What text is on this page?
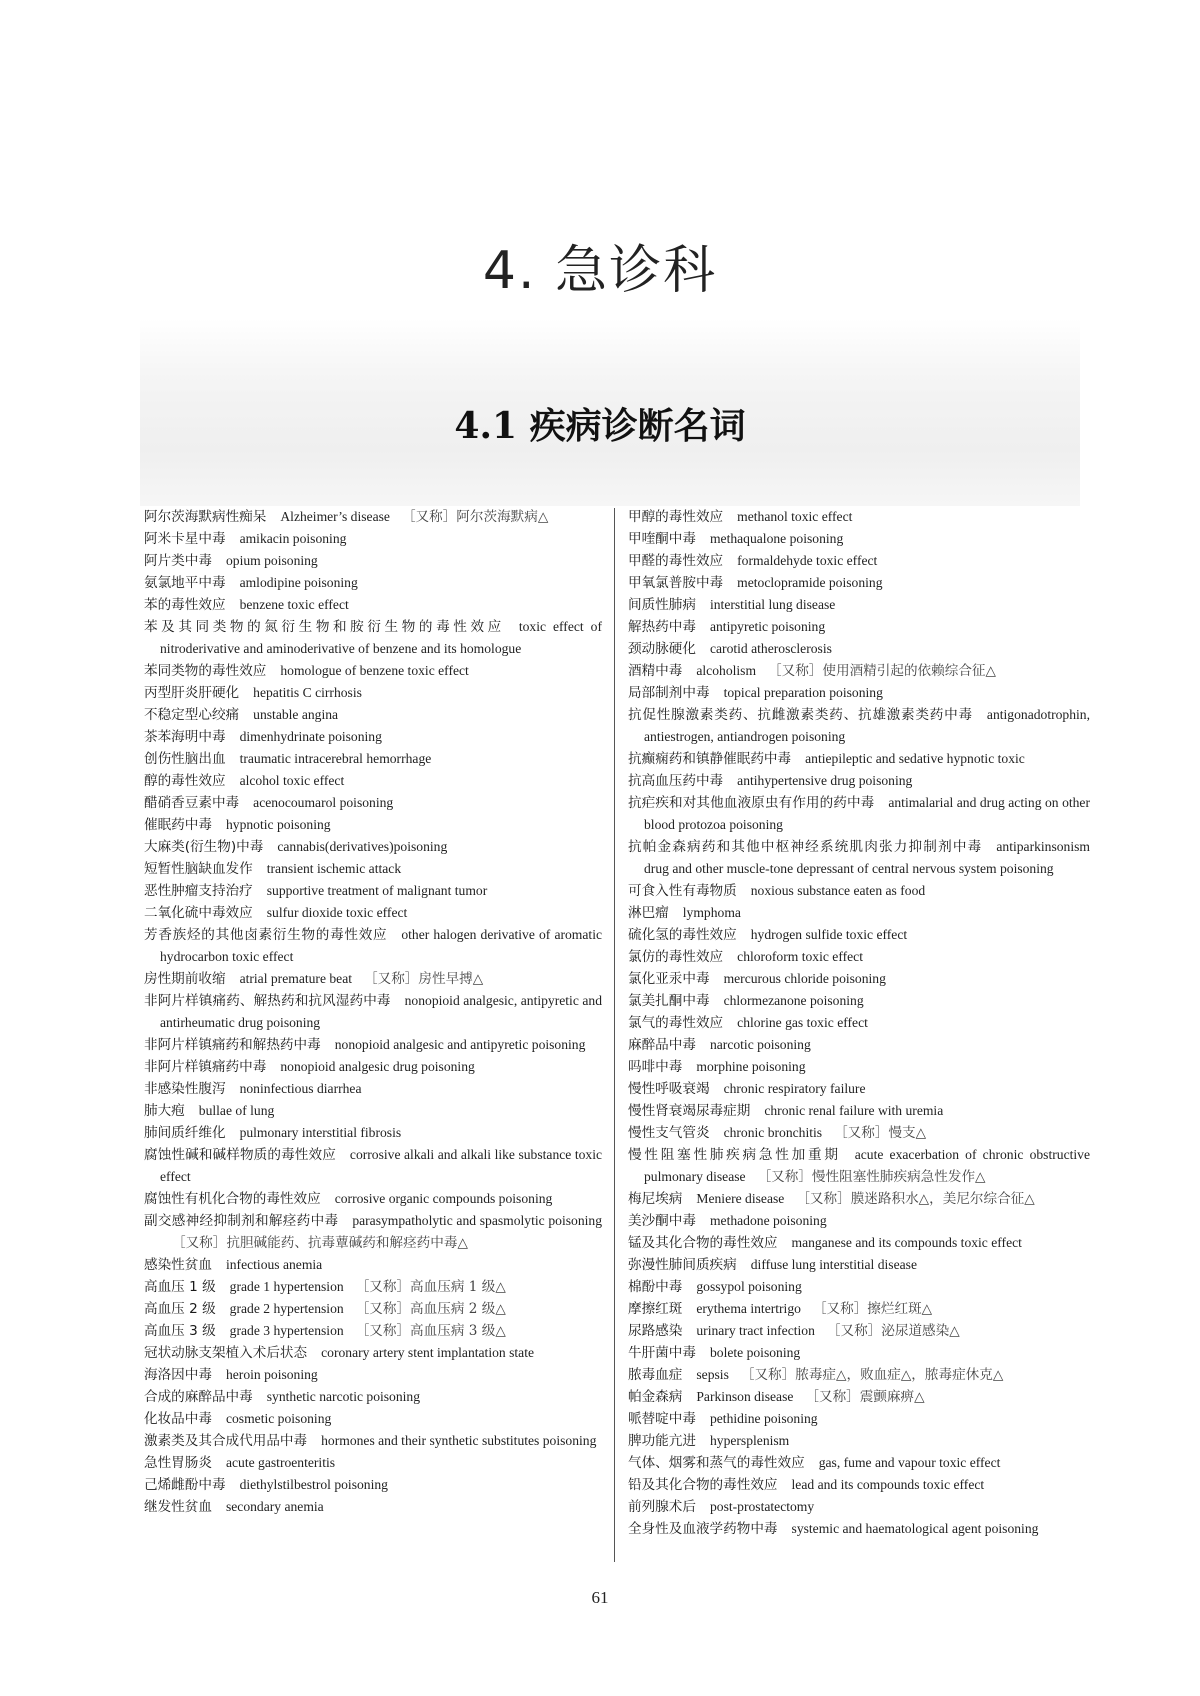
4. 急诊科
4.1 疾病诊断名词
阿尔茨海默病性痴呆 Alzheimer’s disease ［又称］阿尔茨海默病△
阿米卡星中毒 amikacin poisoning
阿片类中毒 opium poisoning
氨氯地平中毒 amlodipine poisoning
苯的毒性效应 benzene toxic effect
苯及其同类物的氮衍生物和胺衍生物的毒性效应 toxic effect of nitroderivative and aminoderivative of benzene and its homologue
苯同类物的毒性效应 homologue of benzene toxic effect
丙型肝炎肝硬化 hepatitis C cirrhosis
不稳定型心绞痛 unstable angina
茶苯海明中毒 dimenhydrinate poisoning
创伤性脑出血 traumatic intracerebral hemorrhage
醇的毒性效应 alcohol toxic effect
醋硝香豆素中毒 acenocoumarol poisoning
催眠药中毒 hypnotic poisoning
大麻类(衍生物)中毒 cannabis(derivatives)poisoning
短暂性脑缺血发作 transient ischemic attack
恶性肿瘤支持治疗 supportive treatment of malignant tumor
二氧化硫中毒效应 sulfur dioxide toxic effect
芳香族烃的其他卤素衍生物的毒性效应 other halogen derivative of aromatic hydrocarbon toxic effect
房性期前收缩 atrial premature beat ［又称］房性早搏△
非阿片样镇痛药、解热药和抗风湿药中毒 nonopioid analgesic, antipyretic and antirheumatic drug poisoning
非阿片样镇痛药和解热药中毒 nonopioid analgesic and antipyretic poisoning
非阿片样镇痛药中毒 nonopioid analgesic drug poisoning
非感染性腹泻 noninfectious diarrhea
肺大疱 bullae of lung
肺间质纤维化 pulmonary interstitial fibrosis
腐蚀性碱和碱样物质的毒性效应 corrosive alkali and alkali like substance toxic effect
腐蚀性有机化合物的毒性效应 corrosive organic compounds poisoning
副交感神经抑制剂和解痉药中毒 parasympatholytic and spasmolytic poisoning［又称］抗胆碱能药、抗毒蕈碱药和解痉药中毒△
感染性贫血 infectious anemia
高血压 1 级 grade 1 hypertension ［又称］高血压病 1 级△
高血压 2 级 grade 2 hypertension ［又称］高血压病 2 级△
高血压 3 级 grade 3 hypertension ［又称］高血压病 3 级△
冠状动脉支架植入术后状态 coronary artery stent implantation state
海洛因中毒 heroin poisoning
合成的麻醉品中毒 synthetic narcotic poisoning
化妆品中毒 cosmetic poisoning
激素类及其合成代用品中毒 hormones and their synthetic substitutes poisoning
急性胃肠炎 acute gastroenteritis
己烯雌酚中毒 diethylstilbestrol poisoning
继发性贫血 secondary anemia
甲醇的毒性效应 methanol toxic effect
甲喹酮中毒 methaqualone poisoning
甲醛的毒性效应 formaldehyde toxic effect
甲氧氯普胺中毒 metoclopramide poisoning
间质性肺病 interstitial lung disease
解热药中毒 antipyretic poisoning
颈动脉硬化 carotid atherosclerosis
酒精中毒 alcoholism ［又称］使用酒精引起的依赖综合征△
局部制剂中毒 topical preparation poisoning
抗促性腺激素类药、抗雌激素类药、抗雄激素类药中毒 antigonadotrophin, antiestrogen, antiandrogen poisoning
抗癫痫药和镇静催眠药中毒 antiepileptic and sedative hypnotic toxic
抗高血压药中毒 antihypertensive drug poisoning
抗疟疾和对其他血液原虫有作用的药中毒 antimalarial and drug acting on other blood protozoa poisoning
抗帕金森病药和其他中枢神经系统肌肉张力抑制剂中毒 antiparkinsonism drug and other muscle-tone depressant of central nervous system poisoning
可食入性有毒物质 noxious substance eaten as food
淋巴瘤 lymphoma
硫化氢的毒性效应 hydrogen sulfide toxic effect
氯仿的毒性效应 chloroform toxic effect
氯化亚汞中毒 mercurous chloride poisoning
氯美扎酮中毒 chlormezanone poisoning
氯气的毒性效应 chlorine gas toxic effect
麻醉品中毒 narcotic poisoning
吗啡中毒 morphine poisoning
慢性呼吸衰竭 chronic respiratory failure
慢性肾衰竭尿毒症期 chronic renal failure with uremia
慢性支气管炎 chronic bronchitis ［又称］慢支△
慢性阻塞性肺疾病急性加重期 acute exacerbation of chronic obstructive pulmonary disease ［又称］慢性阻塞性肺疾病急性发作△
梅尼埃病 Meniere disease ［又称］膜迷路积水△，美尼尔综合征△
美沙酮中毒 methadone poisoning
锰及其化合物的毒性效应 manganese and its compounds toxic effect
弥漫性肺间质疾病 diffuse lung interstitial disease
棉酚中毒 gossypol poisoning
摩擦红斑 erythema intertrigo ［又称］擦烂红斑△
尿路感染 urinary tract infection ［又称］泌尿道感染△
牛肝菌中毒 bolete poisoning
脓毒血症 sepsis ［又称］脓毒症△，败血症△，脓毒症休克△
帕金森病 Parkinson disease ［又称］震颤麻痹△
哌替啶中毒 pethidine poisoning
脾功能亢进 hypersplenism
气体、烟雾和蒸气的毒性效应 gas, fume and vapour toxic effect
铅及其化合物的毒性效应 lead and its compounds toxic effect
前列腺术后 post-prostatectomy
全身性及血液学药物中毒 systemic and haematological agent poisoning
61
